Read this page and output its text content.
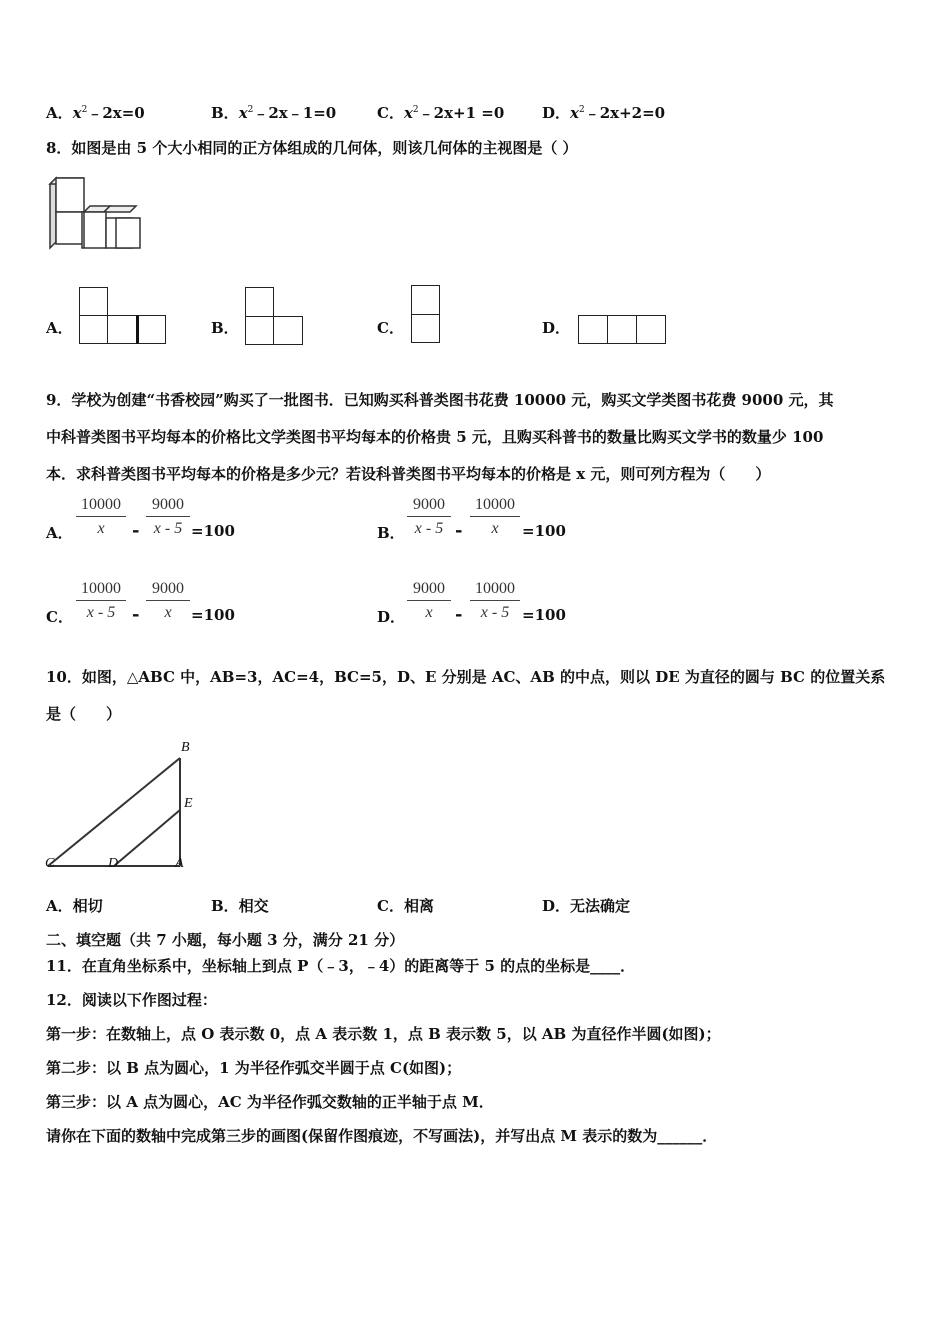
A．$x^2﹣2x=0$	B．$x^2﹣2x﹣1=0$	C．$x^2﹣2x+1 =0$	D．$x^2﹣2x+2=0$
8．如图是由 5 个大小相同的正方体组成的几何体，则该几何体的主视图是（ ）
A．	B．	C．	D．
9．学校为创建“书香校园”购买了一批图书．已知购买科普类图书花费 10000 元，购买文学类图书花费 9000 元，其
中科普类图书平均每本的价格比文学类图书平均每本的价格贵 5 元，且购买科普书的数量比购买文学书的数量少 100
本．求科普类图书平均每本的价格是多少元？若设科普类图书平均每本的价格是 x 元，则可列方程为（　　）
A． $\frac{10000}{x} - \frac{9000}{x - 5} =100$	B． $\frac{9000}{x - 5} - \frac{10000}{x} =100$
C． $\frac{10000}{x - 5} - \frac{9000}{x} =100$	D． $\frac{9000}{x} - \frac{10000}{x - 5} =100$
10．如图，△ABC 中，AB=3，AC=4，BC=5，D、E 分别是 AC、AB 的中点，则以 DE 为直径的圆与 BC 的位置关系
是（　　）
B
E
C	D	A
A．相切	B．相交	C．相离	D．无法确定
二、填空题（共 7 小题，每小题 3 分，满分 21 分）
11．在直角坐标系中，坐标轴上到点 P（﹣3，﹣4）的距离等于 5 的点的坐标是____．
12．阅读以下作图过程：
第一步：在数轴上，点 O 表示数 0，点 A 表示数 1，点 B 表示数 5，以 AB 为直径作半圆(如图)；
第二步：以 B 点为圆心，1 为半径作弧交半圆于点 C(如图)；
第三步：以 A 点为圆心，AC 为半径作弧交数轴的正半轴于点 M．
请你在下面的数轴中完成第三步的画图(保留作图痕迹，不写画法)，并写出点 M 表示的数为______．
